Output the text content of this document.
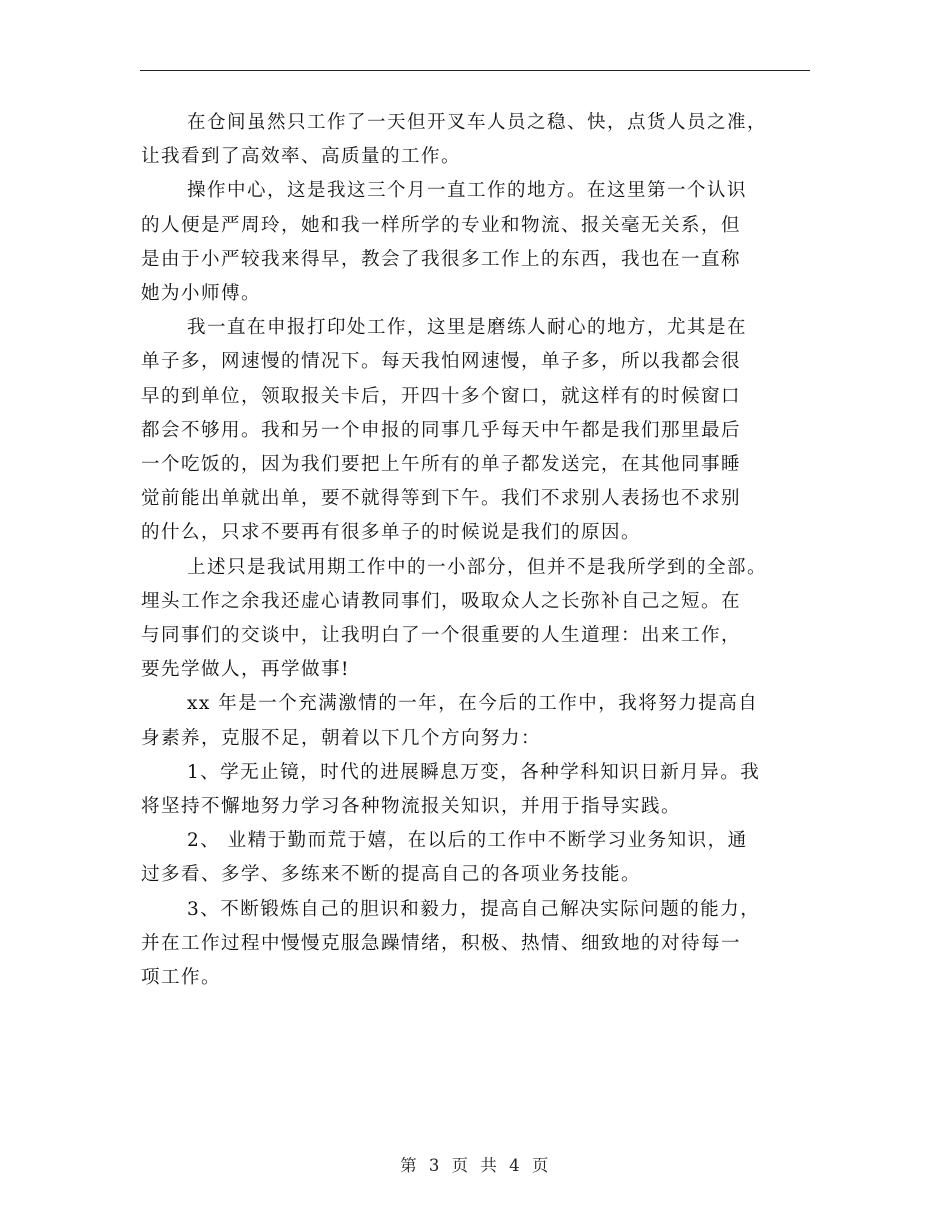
在仓间虽然只工作了一天但开叉车人员之稳、快，点货人员之准，
让我看到了高效率、高质量的工作。
操作中心，这是我这三个月一直工作的地方。在这里第一个认识
的人便是严周玲，她和我一样所学的专业和物流、报关毫无关系，但
是由于小严较我来得早，教会了我很多工作上的东西，我也在一直称
她为小师傅。
我一直在申报打印处工作，这里是磨练人耐心的地方，尤其是在
单子多，网速慢的情况下。每天我怕网速慢，单子多，所以我都会很
早的到单位，领取报关卡后，开四十多个窗口，就这样有的时候窗口
都会不够用。我和另一个申报的同事几乎每天中午都是我们那里最后
一个吃饭的，因为我们要把上午所有的单子都发送完，在其他同事睡
觉前能出单就出单，要不就得等到下午。我们不求别人表扬也不求别
的什么，只求不要再有很多单子的时候说是我们的原因。
上述只是我试用期工作中的一小部分，但并不是我所学到的全部。
埋头工作之余我还虚心请教同事们，吸取众人之长弥补自己之短。在
与同事们的交谈中，让我明白了一个很重要的人生道理：出来工作，
要先学做人，再学做事!
xx 年是一个充满激情的一年，在今后的工作中，我将努力提高自
身素养，克服不足，朝着以下几个方向努力：
1、学无止镜，时代的进展瞬息万变，各种学科知识日新月异。我
将坚持不懈地努力学习各种物流报关知识，并用于指导实践。
2、 业精于勤而荒于嬉，在以后的工作中不断学习业务知识，通
过多看、多学、多练来不断的提高自己的各项业务技能。
3、不断锻炼自己的胆识和毅力，提高自己解决实际问题的能力，
并在工作过程中慢慢克服急躁情绪，积极、热情、细致地的对待每一
项工作。
第 3 页 共 4 页
